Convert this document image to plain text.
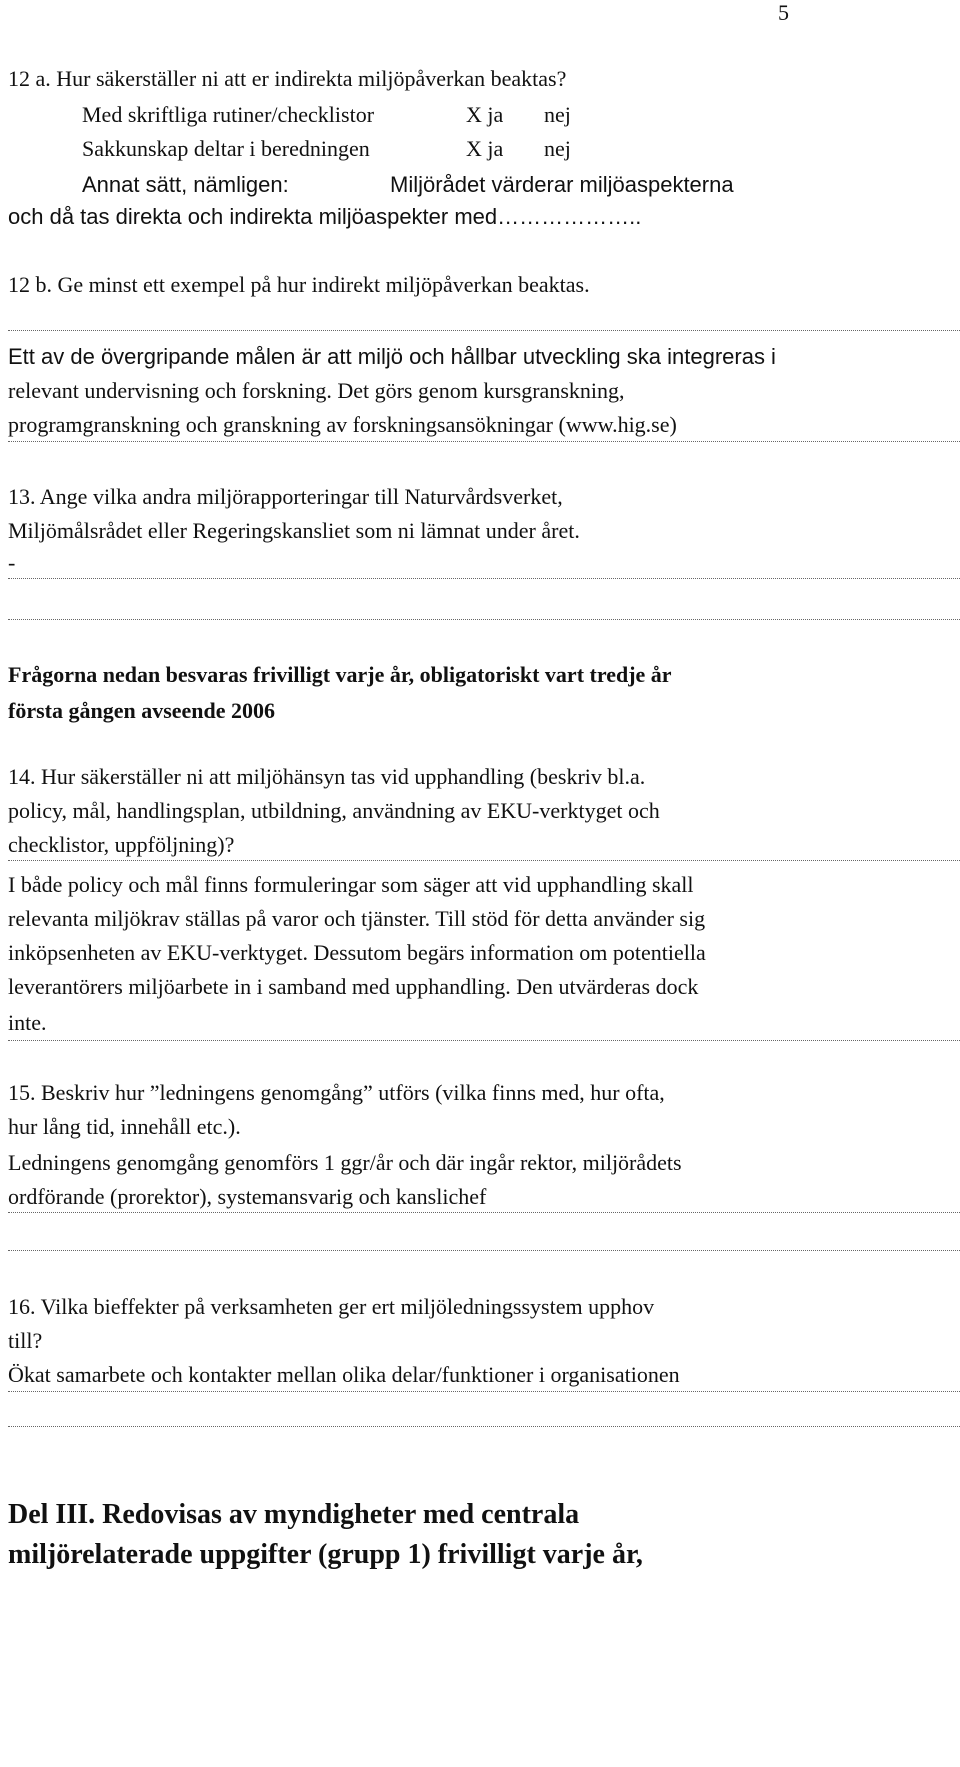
5
12 a. Hur säkerställer ni att er indirekta miljöpåverkan beaktas?
Med skriftliga rutiner/checklistor	X ja nej
Sakkunskap deltar i beredningen	X ja nej
Annat sätt, nämligen:	Miljörådet värderar miljöaspekterna
och då tas direkta och indirekta miljöaspekter med………………..
12 b. Ge minst ett exempel på hur indirekt miljöpåverkan beaktas.
Ett av de övergripande målen är att miljö och hållbar utveckling ska integreras i
relevant undervisning och forskning. Det görs genom kursgranskning,
programgranskning och granskning av forskningsansökningar (www.hig.se)
13. Ange vilka andra miljörapporteringar till Naturvårdsverket,
Miljömålsrådet eller Regeringskansliet som ni lämnat under året.
-
Frågorna nedan besvaras frivilligt varje år, obligatoriskt vart tredje år
första gången avseende 2006
14. Hur säkerställer ni att miljöhänsyn tas vid upphandling (beskriv bl.a.
policy, mål, handlingsplan, utbildning, användning av EKU-verktyget och
checklistor, uppföljning)?
I både policy och mål finns formuleringar som säger att vid upphandling skall
relevanta miljökrav ställas på varor och tjänster. Till stöd för detta använder sig
inköpsenheten av EKU-verktyget. Dessutom begärs information om potentiella
leverantörers miljöarbete in i samband med upphandling. Den utvärderas dock
inte.
15. Beskriv hur ”ledningens genomgång” utförs (vilka finns med, hur ofta,
hur lång tid, innehåll etc.).
Ledningens genomgång genomförs 1 ggr/år och där ingår rektor, miljörådets
ordförande (prorektor), systemansvarig och kanslichef
16. Vilka bieffekter på verksamheten ger ert miljöledningssystem upphov
till?
Ökat samarbete och kontakter mellan olika delar/funktioner i organisationen
Del III. Redovisas av myndigheter med centrala
miljörelaterade uppgifter (grupp 1) frivilligt varje år,
